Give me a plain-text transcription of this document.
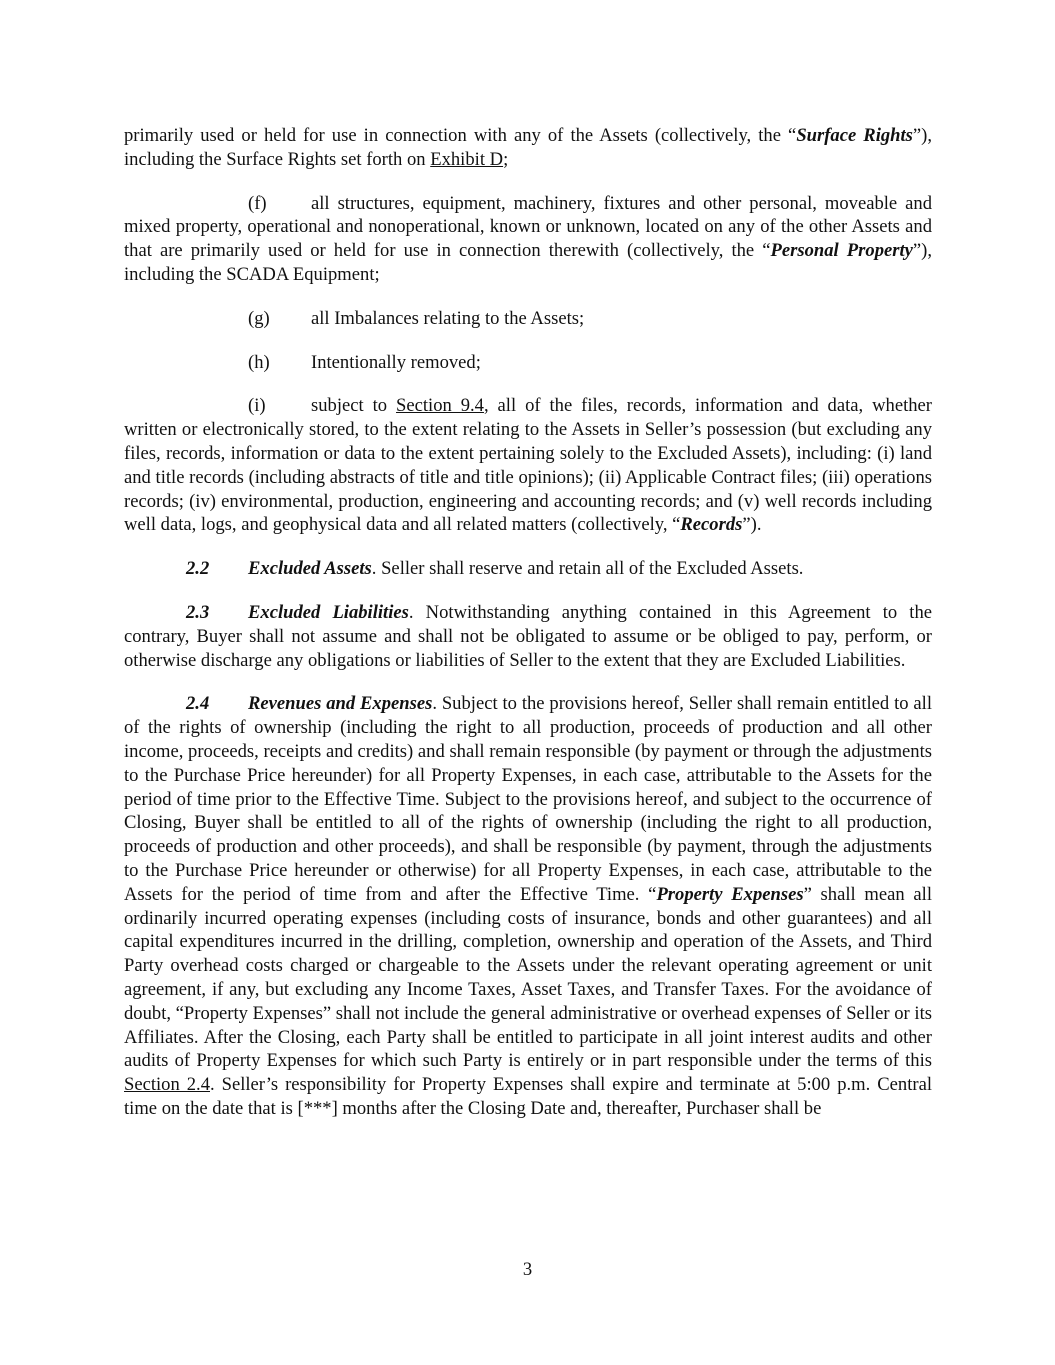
primarily used or held for use in connection with any of the Assets (collectively, the “Surface Rights”), including the Surface Rights set forth on Exhibit D;

(f) all structures, equipment, machinery, fixtures and other personal, moveable and mixed property, operational and nonoperational, known or unknown, located on any of the other Assets and that are primarily used or held for use in connection therewith (collectively, the “Personal Property”), including the SCADA Equipment;

(g) all Imbalances relating to the Assets;

(h) Intentionally removed;

(i) subject to Section 9.4, all of the files, records, information and data, whether written or electronically stored, to the extent relating to the Assets in Seller’s possession (but excluding any files, records, information or data to the extent pertaining solely to the Excluded Assets), including: (i) land and title records (including abstracts of title and title opinions); (ii) Applicable Contract files; (iii) operations records; (iv) environmental, production, engineering and accounting records; and (v) well records including well data, logs, and geophysical data and all related matters (collectively, “Records”).

2.2 Excluded Assets. Seller shall reserve and retain all of the Excluded Assets.

2.3 Excluded Liabilities. Notwithstanding anything contained in this Agreement to the contrary, Buyer shall not assume and shall not be obligated to assume or be obliged to pay, perform, or otherwise discharge any obligations or liabilities of Seller to the extent that they are Excluded Liabilities.

2.4 Revenues and Expenses. Subject to the provisions hereof, Seller shall remain entitled to all of the rights of ownership (including the right to all production, proceeds of production and all other income, proceeds, receipts and credits) and shall remain responsible (by payment or through the adjustments to the Purchase Price hereunder) for all Property Expenses, in each case, attributable to the Assets for the period of time prior to the Effective Time. Subject to the provisions hereof, and subject to the occurrence of Closing, Buyer shall be entitled to all of the rights of ownership (including the right to all production, proceeds of production and other proceeds), and shall be responsible (by payment, through the adjustments to the Purchase Price hereunder or otherwise) for all Property Expenses, in each case, attributable to the Assets for the period of time from and after the Effective Time. “Property Expenses” shall mean all ordinarily incurred operating expenses (including costs of insurance, bonds and other guarantees) and all capital expenditures incurred in the drilling, completion, ownership and operation of the Assets, and Third Party overhead costs charged or chargeable to the Assets under the relevant operating agreement or unit agreement, if any, but excluding any Income Taxes, Asset Taxes, and Transfer Taxes. For the avoidance of doubt, “Property Expenses” shall not include the general administrative or overhead expenses of Seller or its Affiliates. After the Closing, each Party shall be entitled to participate in all joint interest audits and other audits of Property Expenses for which such Party is entirely or in part responsible under the terms of this Section 2.4. Seller’s responsibility for Property Expenses shall expire and terminate at 5:00 p.m. Central time on the date that is [***] months after the Closing Date and, thereafter, Purchaser shall be

3
